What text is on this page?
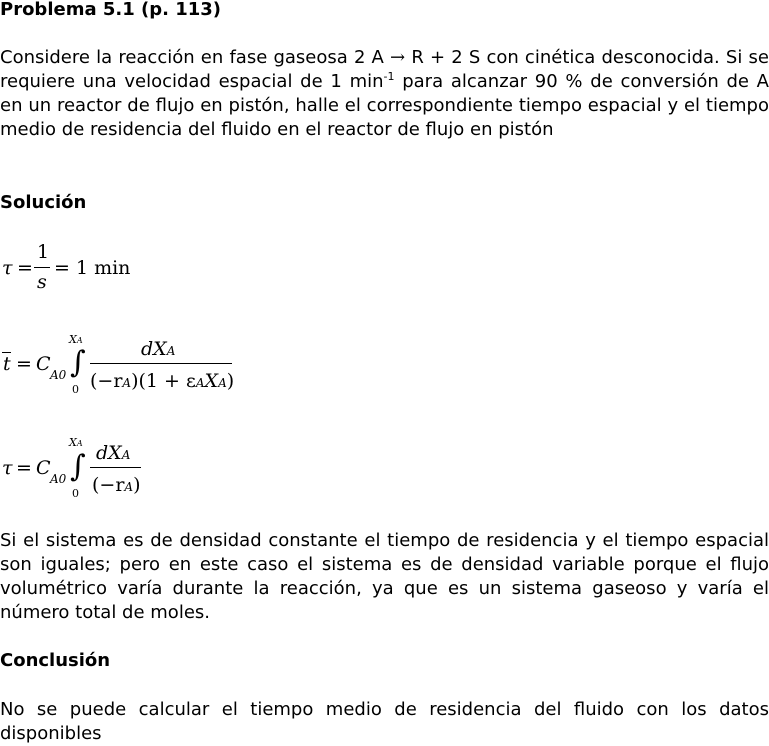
Problema 5.1 (p. 113)

Considere la reacción en fase gaseosa 2 A → R + 2 S con cinética desconocida. Si se requiere una velocidad espacial de 1 $\min^{-1}$ para alcanzar 90 % de conversión de A en un reactor de flujo en pistón, halle el correspondiente tiempo espacial y el tiempo medio de residencia del fluido en el reactor de flujo en pistón

Solución

τ =
1
s
= 1 min
t = C A0 ∫
XA
0
dXA
(−rA)(1 + εAXA)
τ = C A0 ∫
XA
0
dXA
(−rA)

Si el sistema es de densidad constante el tiempo de residencia y el tiempo espacial son iguales; pero en este caso el sistema es de densidad variable porque el flujo volumétrico varía durante la reacción, ya que es un sistema gaseoso y varía el número total de moles.

Conclusión

No se puede calcular el tiempo medio de residencia del fluido con los datos disponibles
